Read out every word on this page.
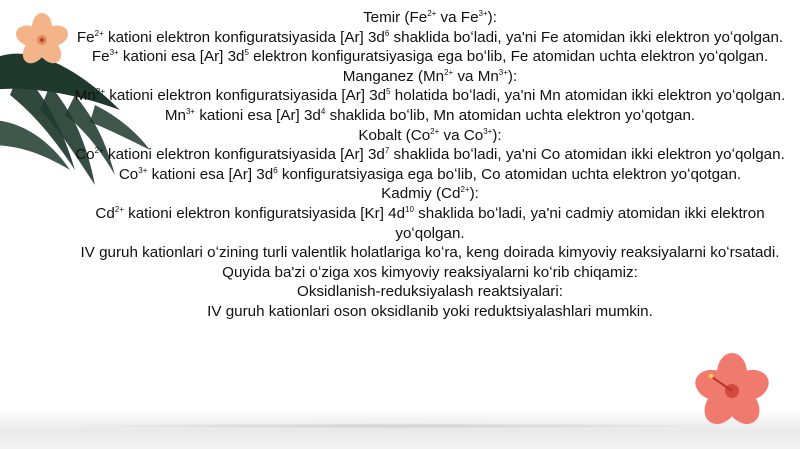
Temir ($Fe^{2+}$ va $Fe^{3+}$):

$Fe^{2+}$ kationi elektron konfiguratsiyasida [Ar] $3d^6$ shaklida boʻladi, ya'ni Fe atomidan ikki elektron yoʻqolgan.

$Fe^{3+}$ kationi esa [Ar] $3d^5$ elektron konfiguratsiyasiga ega boʻlib, Fe atomidan uchta elektron yoʻqolgan.

Manganez ($Mn^{2+}$ va $Mn^{3+}$):

$Mn^{2+}$ kationi elektron konfiguratsiyasida [Ar] $3d^5$ holatida boʻladi, ya'ni Mn atomidan ikki elektron yoʻqolgan.

$Mn^{3+}$ kationi esa [Ar] $3d^4$ shaklida boʻlib, Mn atomidan uchta elektron yoʻqotgan.

Kobalt ($Co^{2+}$ va $Co^{3+}$):

$Co^{2+}$ kationi elektron konfiguratsiyasida [Ar] $3d^7$ shaklida boʻladi, ya'ni Co atomidan ikki elektron yoʻqolgan.

$Co^{3+}$ kationi esa [Ar] $3d^6$ konfiguratsiyasiga ega boʻlib, Co atomidan uchta elektron yoʻqotgan.

Kadmiy $(Cd^{2+})$:

$Cd^{2+}$ kationi elektron konfiguratsiyasida [Kr] $4d^{10}$ shaklida boʻladi, ya'ni cadmiy atomidan ikki elektron yoʻqolgan.

IV guruh kationlari oʻzining turli valentlik holatlariga koʻra, keng doirada kimyoviy reaksiyalarni koʻrsatadi. Quyida ba'zi oʻziga xos kimyoviy reaksiyalarni koʻrib chiqamiz:

Oksidlanish-reduksiyalash reaktsiyalari:

IV guruh kationlari oson oksidlanib yoki reduktsiyalashlari mumkin.
